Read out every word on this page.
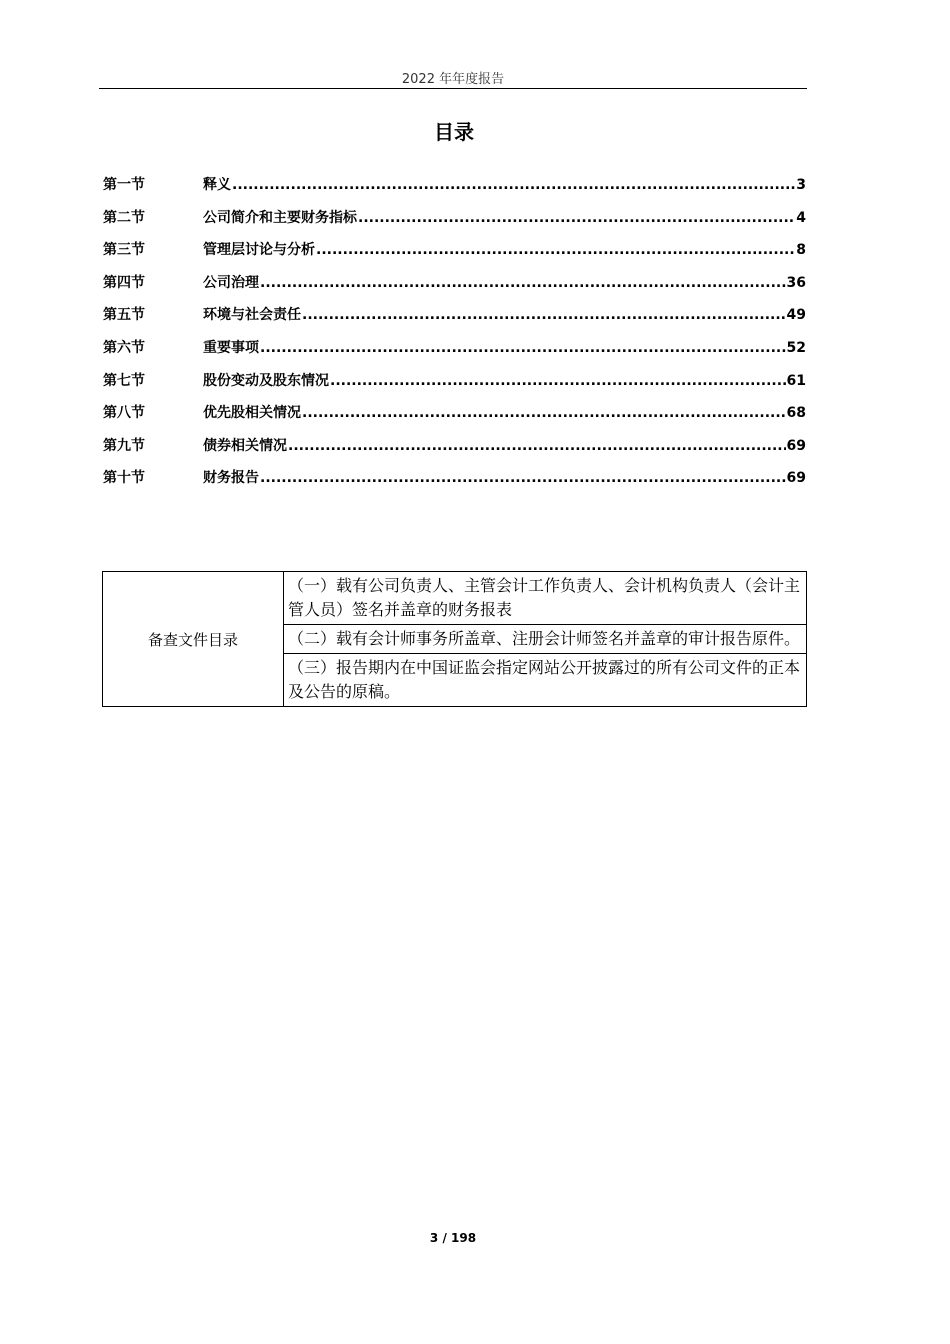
2022 年年度报告
目录
第一节	释义 .....	3
第二节	公司简介和主要财务指标 .....	4
第三节	管理层讨论与分析 .....	8
第四节	公司治理 .....	36
第五节	环境与社会责任 .....	49
第六节	重要事项 .....	52
第七节	股份变动及股东情况 .....	61
第八节	优先股相关情况 .....	68
第九节	债券相关情况 .....	69
第十节	财务报告 .....	69
备查文件目录	（一）载有公司负责人、主管会计工作负责人、会计机构负责人（会计主管人员）签名并盖章的财务报表
（二）载有会计师事务所盖章、注册会计师签名并盖章的审计报告原件。
（三）报告期内在中国证监会指定网站公开披露过的所有公司文件的正本及公告的原稿。
3 / 198
